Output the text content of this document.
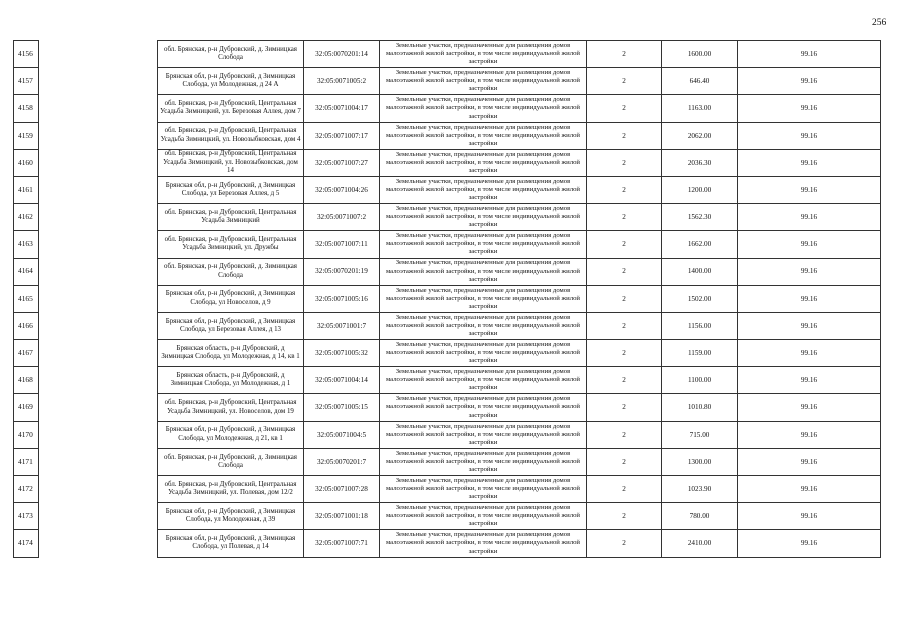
256
4156		обл. Брянская, р-н Дубровский, д. Зимницкая Слобода	32:05:0070201:14	Земельные участки, предназначенные для размещения домов малоэтажной жилой застройки, в том числе индивидуальной жилой застройки	2	1600.00	99.16	
4157		Брянская обл, р-н Дубровский, д Зимницкая Слобода, ул Молодежная, д 24 А	32:05:0071005:2	Земельные участки, предназначенные для размещения домов малоэтажной жилой застройки, в том числе индивидуальной жилой застройки	2	646.40	99.16	
4158		обл. Брянская, р-н Дубровский, Центральная Усадьба Зимницкий, ул. Березовая Аллея, дом 7	32:05:0071004:17	Земельные участки, предназначенные для размещения домов малоэтажной жилой застройки, в том числе индивидуальной жилой застройки	2	1163.00	99.16	
4159		обл. Брянская, р-н Дубровский, Центральная Усадьба Зимницкий, ул. Новозыбковская, дом 4	32:05:0071007:17	Земельные участки, предназначенные для размещения домов малоэтажной жилой застройки, в том числе индивидуальной жилой застройки	2	2062.00	99.16	
4160		обл. Брянская, р-н Дубровский, Центральная Усадьба Зимницкий, ул. Новозыбковская, дом 14	32:05:0071007:27	Земельные участки, предназначенные для размещения домов малоэтажной жилой застройки, в том числе индивидуальной жилой застройки	2	2036.30	99.16	
4161		Брянская обл, р-н Дубровский, д Зимницкая Слобода, ул Березовая Аллея, д 5	32:05:0071004:26	Земельные участки, предназначенные для размещения домов малоэтажной жилой застройки, в том числе индивидуальной жилой застройки	2	1200.00	99.16	
4162		обл. Брянская, р-н Дубровский, Центральная Усадьба Зимницкий	32:05:0071007:2	Земельные участки, предназначенные для размещения домов малоэтажной жилой застройки, в том числе индивидуальной жилой застройки	2	1562.30	99.16	
4163		обл. Брянская, р-н Дубровский, Центральная Усадьба Зимницкий, ул. Дружбы	32:05:0071007:11	Земельные участки, предназначенные для размещения домов малоэтажной жилой застройки, в том числе индивидуальной жилой застройки	2	1662.00	99.16	
4164		обл. Брянская, р-н Дубровский, д. Зимницкая Слобода	32:05:0070201:19	Земельные участки, предназначенные для размещения домов малоэтажной жилой застройки, в том числе индивидуальной жилой застройки	2	1400.00	99.16	
4165		Брянская обл, р-н Дубровский, д Зимницкая Слобода, ул Новоселов, д 9	32:05:0071005:16	Земельные участки, предназначенные для размещения домов малоэтажной жилой застройки, в том числе индивидуальной жилой застройки	2	1502.00	99.16	
4166		Брянская обл, р-н Дубровский, д Зимницкая Слобода, ул Березовая Аллея, д 13	32:05:0071001:7	Земельные участки, предназначенные для размещения домов малоэтажной жилой застройки, в том числе индивидуальной жилой застройки	2	1156.00	99.16	
4167		Брянская область, р-н Дубровский, д Зимницкая Слобода, ул Молодежная, д 14, кв 1	32:05:0071005:32	Земельные участки, предназначенные для размещения домов малоэтажной жилой застройки, в том числе индивидуальной жилой застройки	2	1159.00	99.16	
4168		Брянская область, р-н Дубровский, д Зимницкая Слобода, ул Молодежная, д 1	32:05:0071004:14	Земельные участки, предназначенные для размещения домов малоэтажной жилой застройки, в том числе индивидуальной жилой застройки	2	1100.00	99.16	
4169		обл. Брянская, р-н Дубровский, Центральная Усадьба Зимницкий, ул. Новоселов, дом 19	32:05:0071005:15	Земельные участки, предназначенные для размещения домов малоэтажной жилой застройки, в том числе индивидуальной жилой застройки	2	1010.80	99.16	
4170		Брянская обл, р-н Дубровский, д Зимницкая Слобода, ул Молодежная, д 21, кв 1	32:05:0071004:5	Земельные участки, предназначенные для размещения домов малоэтажной жилой застройки, в том числе индивидуальной жилой застройки	2	715.00	99.16	
4171		обл. Брянская, р-н Дубровский, д. Зимницкая Слобода	32:05:0070201:7	Земельные участки, предназначенные для размещения домов малоэтажной жилой застройки, в том числе индивидуальной жилой застройки	2	1300.00	99.16	
4172		обл. Брянская, р-н Дубровский, Центральная Усадьба Зимницкий, ул. Полевая, дом 12/2	32:05:0071007:28	Земельные участки, предназначенные для размещения домов малоэтажной жилой застройки, в том числе индивидуальной жилой застройки	2	1023.90	99.16	
4173		Брянская обл, р-н Дубровский, д Зимницкая Слобода, ул Молодежная, д 39	32:05:0071001:18	Земельные участки, предназначенные для размещения домов малоэтажной жилой застройки, в том числе индивидуальной жилой застройки	2	780.00	99.16	
4174		Брянская обл, р-н Дубровский, д Зимницкая Слобода, ул Полевая, д 14	32:05:0071007:71	Земельные участки, предназначенные для размещения домов малоэтажной жилой застройки, в том числе индивидуальной жилой застройки	2	2410.00	99.16	
